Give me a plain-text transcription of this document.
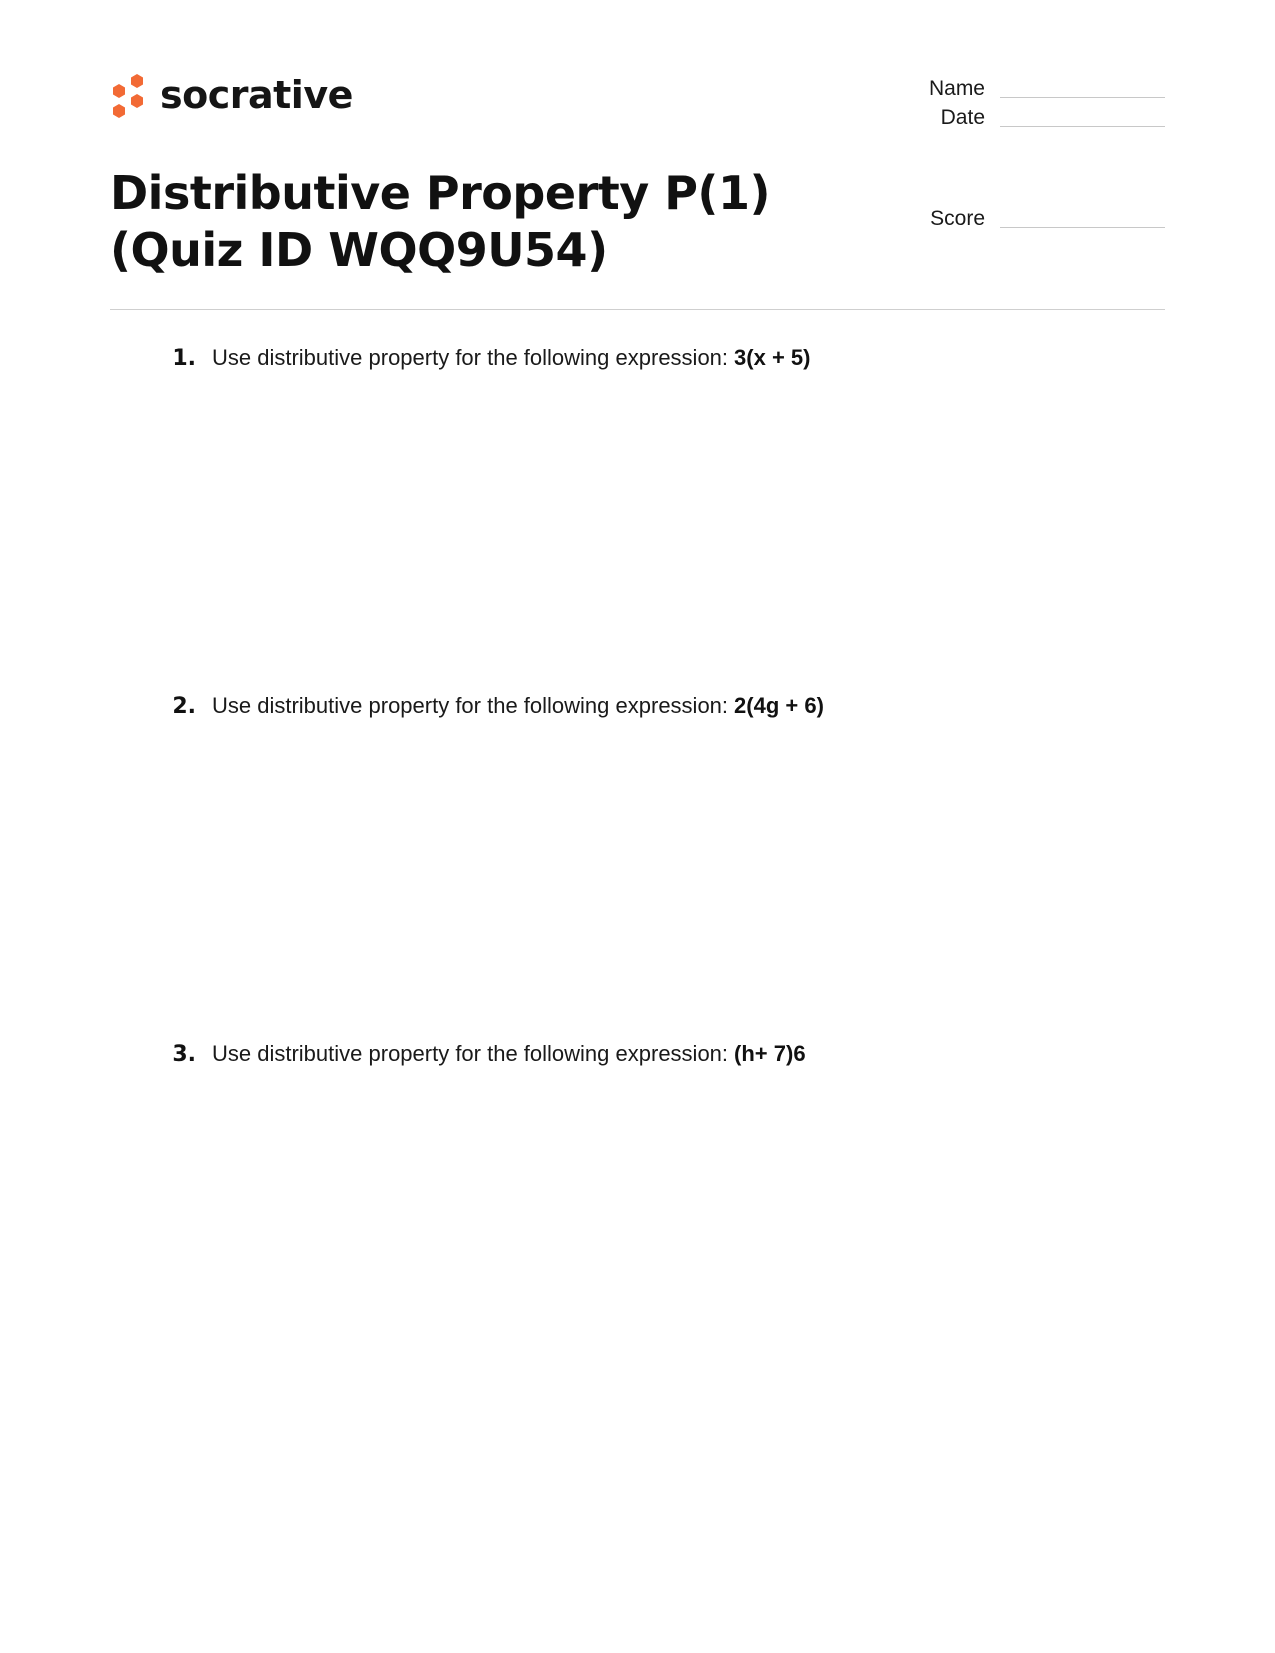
socrative	Name
Date
Score
Distributive Property P(1) (Quiz ID WQQ9U54)
1. Use distributive property for the following expression: 3(x + 5)
2. Use distributive property for the following expression: 2(4g + 6)
3. Use distributive property for the following expression: (h+ 7)6
